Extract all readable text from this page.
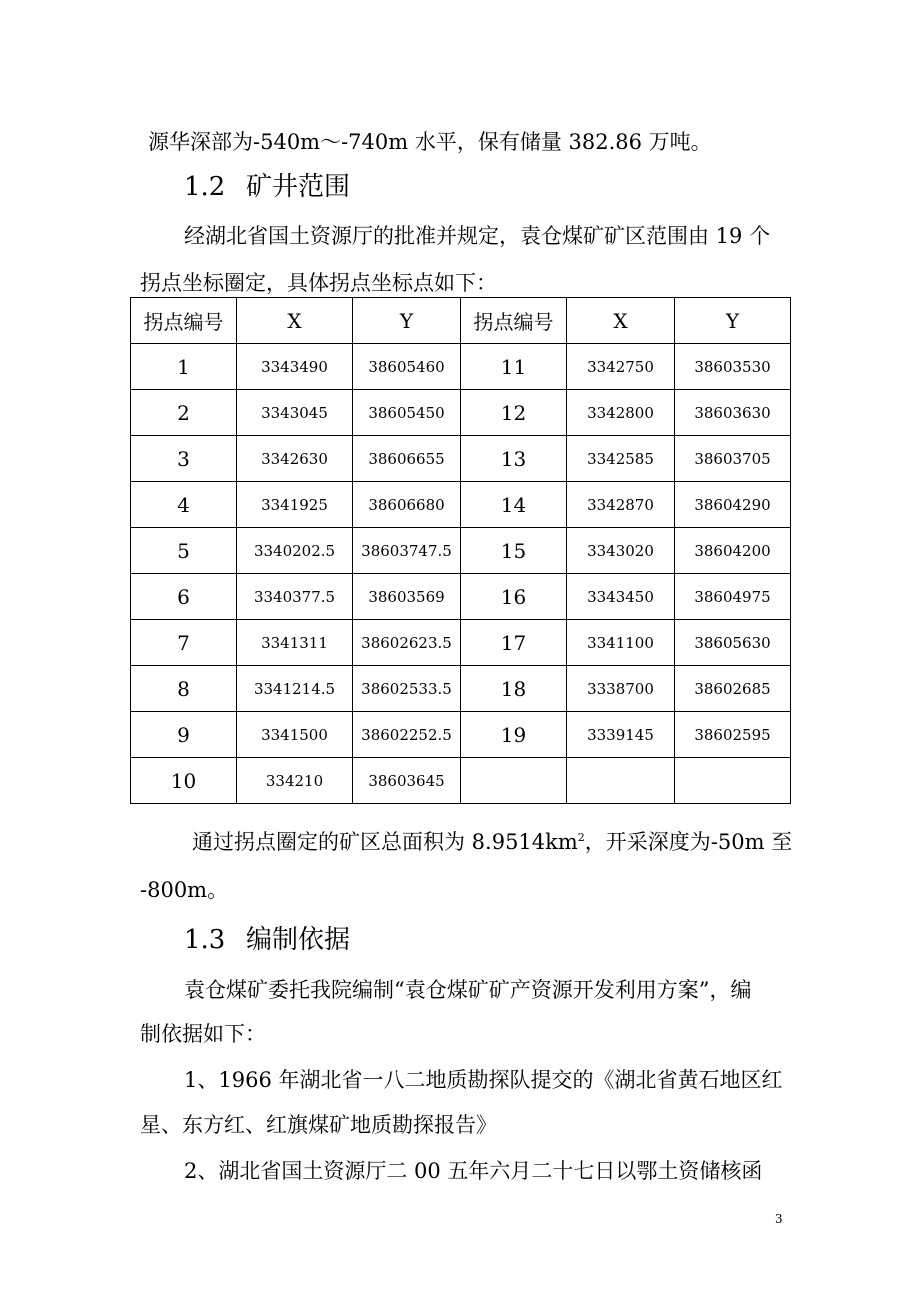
源华深部为-540m～-740m 水平，保有储量 382.86 万吨。
1.2 矿井范围
经湖北省国土资源厅的批准并规定，袁仓煤矿矿区范围由 19 个
拐点坐标圈定，具体拐点坐标点如下：
拐点编号	X	Y	拐点编号	X	Y
1	3343490	38605460	11	3342750	38603530
2	3343045	38605450	12	3342800	38603630
3	3342630	38606655	13	3342585	38603705
4	3341925	38606680	14	3342870	38604290
5	3340202.5	38603747.5	15	3343020	38604200
6	3340377.5	38603569	16	3343450	38604975
7	3341311	38602623.5	17	3341100	38605630
8	3341214.5	38602533.5	18	3338700	38602685
9	3341500	38602252.5	19	3339145	38602595
10	334210	38603645			
通过拐点圈定的矿区总面积为 $8.9514km^2$，开采深度为-50m 至
-800m。
1.3 编制依据
袁仓煤矿委托我院编制“袁仓煤矿矿产资源开发利用方案”，编
制依据如下：
1、1966 年湖北省一八二地质勘探队提交的《湖北省黄石地区红
星、东方红、红旗煤矿地质勘探报告》
2、湖北省国土资源厅二 00 五年六月二十七日以鄂土资储核函
3
